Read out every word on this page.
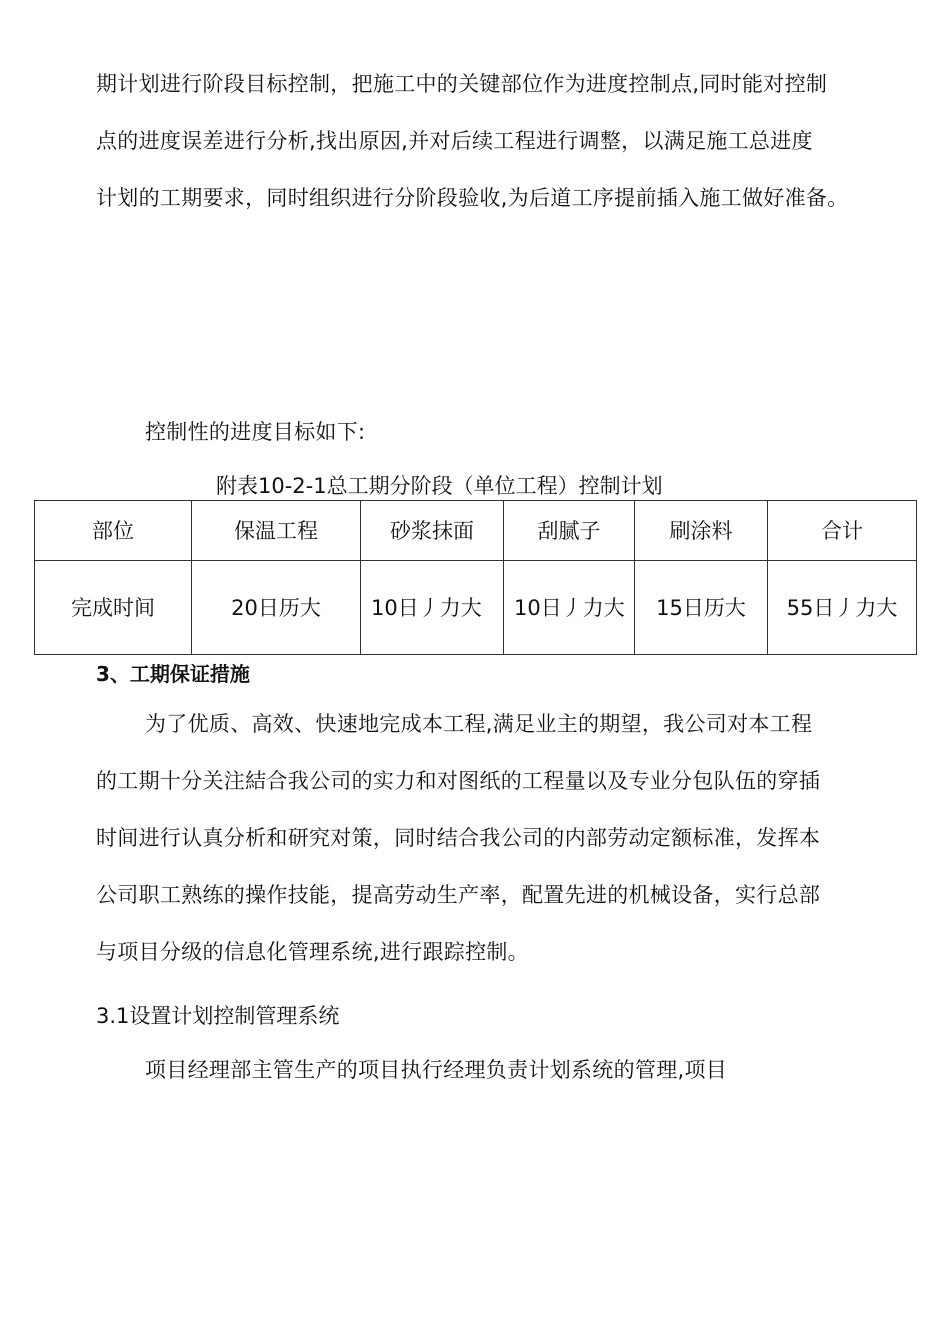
期计划进行阶段目标控制，把施工中的关键部位作为进度控制点,同时能对控制
点的进度误差进行分析,找出原因,并对后续工程进行调整，以满足施工总进度
计划的工期要求，同时组织进行分阶段验收,为后道工序提前插入施工做好准备。
控制性的进度目标如下:
附表10-2-1总工期分阶段（单位工程）控制计划
部位	保温工程	砂浆抹面	刮腻子	刷涂料	合计
完成时间	20日历大	10日丿力大	10日丿力大	15日历大	55日丿力大
3、工期保证措施
为了优质、高效、快速地完成本工程,满足业主的期望，我公司对本工程
的工期十分关注結合我公司的实力和对图纸的工程量以及专业分包队伍的穿插
时间进行认真分析和研究对策，同时结合我公司的内部劳动定额标准，发挥本
公司职工熟练的操作技能，提高劳动生产率，配置先进的机械设备，实行总部
与项目分级的信息化管理系统,进行跟踪控制。
3.1设置计划控制管理系统
项目经理部主管生产的项目执行经理负责计划系统的管理,项目
